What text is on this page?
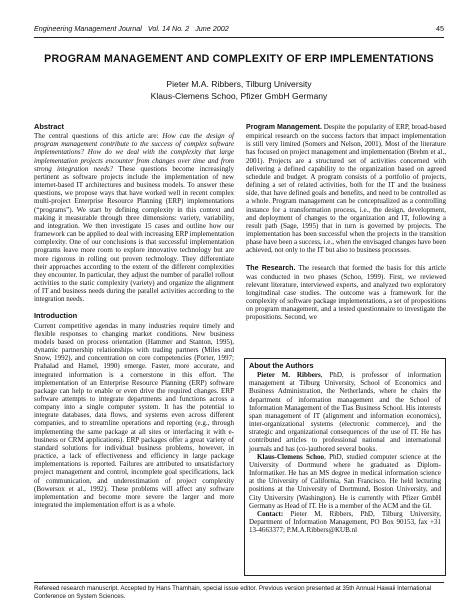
Engineering Management Journal Vol. 14 No. 2 June 2002	45
PROGRAM MANAGEMENT AND COMPLEXITY OF ERP IMPLEMENTATIONS
Pieter M.A. Ribbers, Tilburg University
Klaus-Clemens Schoo, Pfizer GmbH Germany
Abstract

The central questions of this article are: How can the design of program management contribute to the success of complex software implementations? How do we deal with the complexity that large implementation projects encounter from changes over time and from strong integration needs? These questions become increasingly pertinent as software projects include the implementation of new internet-based IT architectures and business models. To answer these questions, we propose ways that have worked well in recent complex multi-project Enterprise Resource Planning (ERP) implementations (“programs”). We start by defining complexity in this context and making it measurable through three dimensions: variety, variability, and integration. We then investigate 15 cases and outline how our framework can be applied to deal with increasing ERP implementation complexity. One of our conclusions is that successful implementation programs leave more room to explore innovative technology but are more rigorous in rolling out proven technology. They differentiate their approaches according to the extent of the different complexities they encounter. In particular, they adjust the number of parallel rollout activities to the static complexity (variety) and organize the alignment of IT and business needs during the parallel activities according to the integration needs.

Introduction

Current competitive agendas in many industries require timely and flexible responses to changing market conditions. New business models based on process orientation (Hammer and Stanton, 1995), dynamic partnership relationships with trading partners (Miles and Snow, 1992), and concentration on core competencies (Porter, 1997; Prahalad and Hamel, 1990) emerge. Faster, more accurate, and integrated information is a cornerstone in this effort. The implementation of an Enterprise Resource Planning (ERP) software package can help to enable or even drive the required changes. ERP software attempts to integrate departments and functions across a company into a single computer system. It has the potential to integrate databases, data flows, and systems even across different companies, and to streamline operations and reporting (e.g., through implementing the same package at all sites or interfacing it with e-business or CRM applications). ERP packages offer a great variety of standard solutions for individual business problems, however, in practice, a lack of effectiveness and efficiency in large package implementations is reported. Failures are attributed to unsatisfactory project management and control, incomplete goal specifications, lack of communication, and underestimation of project complexity (Bowersox et al., 1992). These problems will affect any software implementation and become more severe the larger and more integrated the implementation effort is as a whole.

Program Management. Despite the popularity of ERP, broad-based empirical research on the success factors that impact implementation is still very limited (Somers and Nelson, 2001). Most of the literature has focused on project management and implementation (Brehm et al., 2001). Projects are a structured set of activities concerned with delivering a defined capability to the organization based on agreed schedule and budget. A program consists of a portfolio of projects, defining a set of related activities, both for the IT and the business side, that have defined goals and benefits, and need to be controlled as a whole. Program management can be conceptualized as a controlling instance for a transformation process, i.e., the design, development, and deployment of changes to the organization and IT, following a result path (Sage, 1995) that in turn is governed by projects. The implementation has been successful when the projects in the transition phase have been a success, i.e., when the envisaged changes have been achieved, not only to the IT but also to business processes.

The Research. The research that formed the basis for this article was conducted in two phases (Schoo, 1999). First, we reviewed relevant literature, interviewed experts, and analyzed two exploratory longitudinal case studies. The outcome was a framework for the complexity of software package implementations, a set of propositions on program management, and a tested questionnaire to investigate the propositions. Second, we

About the Authors

Pieter M. Ribbers, PhD, is professor of information management at Tilburg University, School of Economics and Business Administration, the Netherlands, where he chairs the department of information management and the School of Information Management of the Tias Business School. His interests span management of IT (alignment and information economics), inter-organizational systems (electronic commerce), and the strategic and organizational consequences of the use of IT. He has contributed articles to professional national and international journals and has (co-)authored several books.

Klaus-Clemens Schoo, PhD, studied computer science at the University of Dortmund where he graduated as Diplom-Informatiker. He has an MS degree in medical information science at the University of California, San Francisco. He held lecturing positions at the University of Dortmund, Boston University, and City University (Washington). He is currently with Pfizer GmbH Germany as Head of IT. He is a member of the ACM and the GI.

Contact: Pieter M. Ribbers, PhD, Tilburg University, Department of Information Management, PO Box 90153, fax +31 13-4663377; P.M.A.Ribbers@KUB.nl

Refereed research manuscript. Accepted by Hans Thamhain, special issue editor. Previous version presented at 35th Annual Hawaii International Conference on System Sciences.
